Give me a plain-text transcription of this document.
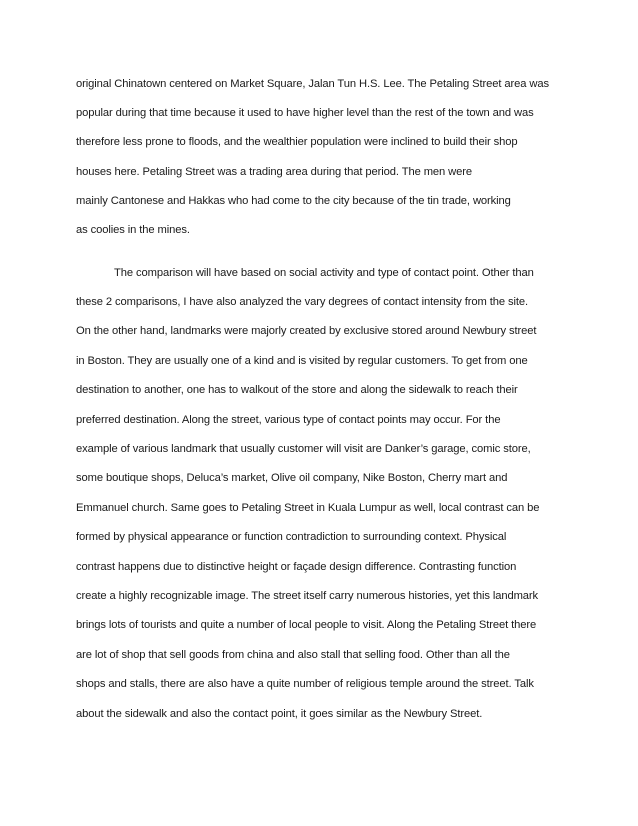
original Chinatown centered on Market Square, Jalan Tun H.S. Lee. The Petaling Street area was
popular during that time because it used to have higher level than the rest of the town and was
therefore less prone to floods, and the wealthier population were inclined to build their shop
houses here. Petaling Street was a trading area during that period. The men were
mainly Cantonese and Hakkas who had come to the city because of the tin trade, working
as coolies in the mines.
The comparison will have based on social activity and type of contact point. Other than
these 2 comparisons, I have also analyzed the vary degrees of contact intensity from the site.
On the other hand, landmarks were majorly created by exclusive stored around Newbury street
in Boston. They are usually one of a kind and is visited by regular customers. To get from one
destination to another, one has to walkout of the store and along the sidewalk to reach their
preferred destination. Along the street, various type of contact points may occur. For the
example of various landmark that usually customer will visit are Danker’s garage, comic store,
some boutique shops, Deluca’s market, Olive oil company, Nike Boston, Cherry mart and
Emmanuel church. Same goes to Petaling Street in Kuala Lumpur as well, local contrast can be
formed by physical appearance or function contradiction to surrounding context. Physical
contrast happens due to distinctive height or façade design difference. Contrasting function
create a highly recognizable image. The street itself carry numerous histories, yet this landmark
brings lots of tourists and quite a number of local people to visit. Along the Petaling Street there
are lot of shop that sell goods from china and also stall that selling food. Other than all the
shops and stalls, there are also have a quite number of religious temple around the street. Talk
about the sidewalk and also the contact point, it goes similar as the Newbury Street.
